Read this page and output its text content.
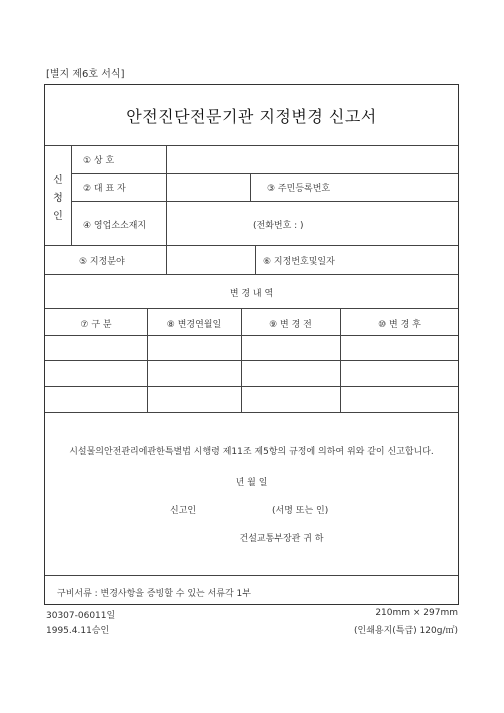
[별지 제6호 서식]
안전진단전문기관 지정변경 신고서
신
청
인
① 상 호
② 대 표 자	③ 주민등록번호
④ 영업소소재지	(전화번호 : )
⑤ 지정분야	⑥ 지정번호및일자
변 경 내 역
⑦ 구 분	⑧ 변경연월일	⑨ 변 경 전	⑩ 변 경 후
시설물의안전관리에관한특별법 시행령 제11조 제5항의 규정에 의하여 위와 같이 신고합니다.
년 월 일
신고인	(서명 또는 인)
건설교통부장관 귀 하
구비서류 : 변경사항을 증빙할 수 있는 서류각 1부
30307-06011일
1995.4.11승인
210mm × 297mm
(인쇄용지(특급) 120g/㎡)
